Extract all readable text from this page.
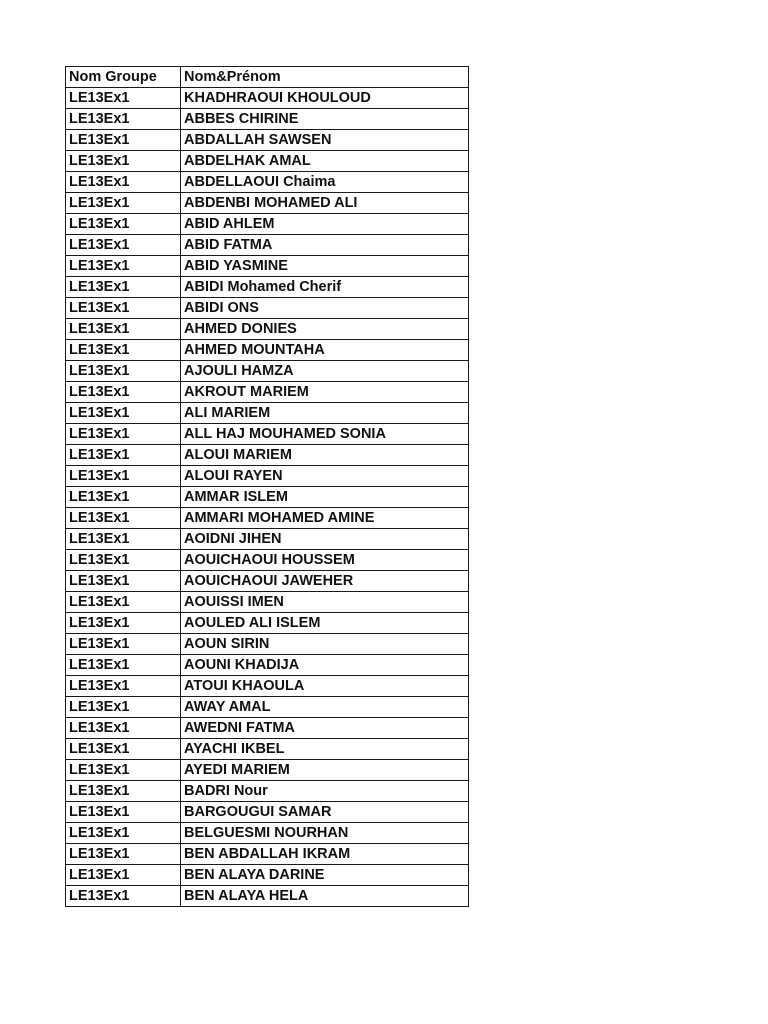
Nom Groupe	Nom&Prénom
LE13Ex1	KHADHRAOUI KHOULOUD
LE13Ex1	ABBES CHIRINE
LE13Ex1	ABDALLAH SAWSEN
LE13Ex1	ABDELHAK AMAL
LE13Ex1	ABDELLAOUI Chaima
LE13Ex1	ABDENBI MOHAMED ALI
LE13Ex1	ABID AHLEM
LE13Ex1	ABID FATMA
LE13Ex1	ABID YASMINE
LE13Ex1	ABIDI Mohamed Cherif
LE13Ex1	ABIDI ONS
LE13Ex1	AHMED DONIES
LE13Ex1	AHMED MOUNTAHA
LE13Ex1	AJOULI HAMZA
LE13Ex1	AKROUT MARIEM
LE13Ex1	ALI MARIEM
LE13Ex1	ALL HAJ MOUHAMED SONIA
LE13Ex1	ALOUI MARIEM
LE13Ex1	ALOUI RAYEN
LE13Ex1	AMMAR ISLEM
LE13Ex1	AMMARI MOHAMED AMINE
LE13Ex1	AOIDNI JIHEN
LE13Ex1	AOUICHAOUI HOUSSEM
LE13Ex1	AOUICHAOUI JAWEHER
LE13Ex1	AOUISSI IMEN
LE13Ex1	AOULED ALI ISLEM
LE13Ex1	AOUN SIRIN
LE13Ex1	AOUNI KHADIJA
LE13Ex1	ATOUI KHAOULA
LE13Ex1	AWAY AMAL
LE13Ex1	AWEDNI FATMA
LE13Ex1	AYACHI IKBEL
LE13Ex1	AYEDI MARIEM
LE13Ex1	BADRI Nour
LE13Ex1	BARGOUGUI SAMAR
LE13Ex1	BELGUESMI NOURHAN
LE13Ex1	BEN ABDALLAH IKRAM
LE13Ex1	BEN ALAYA DARINE
LE13Ex1	BEN ALAYA HELA
